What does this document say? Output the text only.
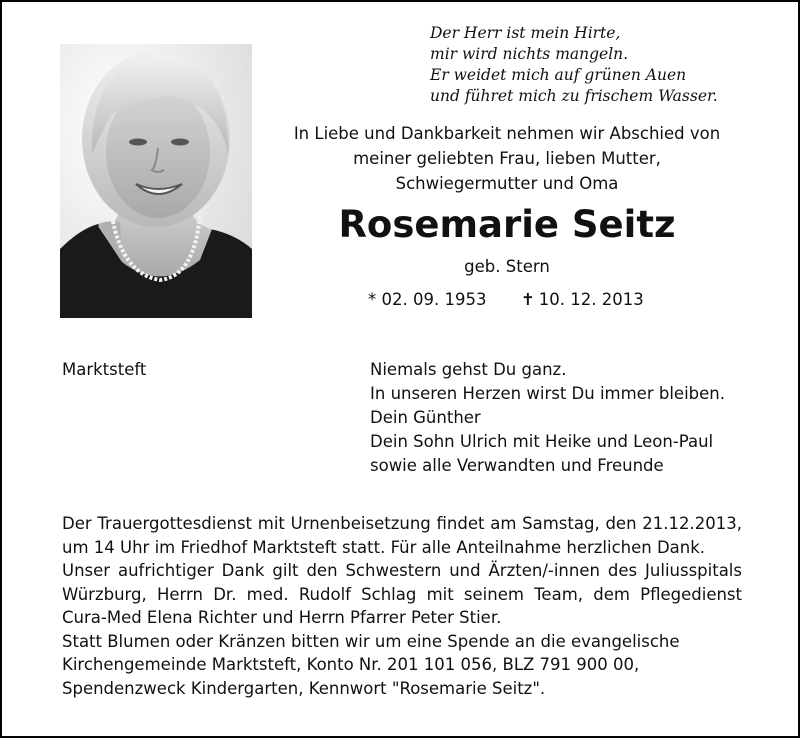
Der Herr ist mein Hirte,
mir wird nichts mangeln.
Er weidet mich auf grünen Auen
und führet mich zu frischem Wasser.
In Liebe und Dankbarkeit nehmen wir Abschied von
meiner geliebten Frau, lieben Mutter,
Schwiegermutter und Oma
Rosemarie Seitz
geb. Stern
* 02. 09. 1953 ✝ 10. 12. 2013
Marktsteft	Niemals gehst Du ganz.
In unseren Herzen wirst Du immer bleiben.
Dein Günther
Dein Sohn Ulrich mit Heike und Leon-Paul
sowie alle Verwandten und Freunde

Der Trauergottesdienst mit Urnenbeisetzung findet am Samstag, den 21.12.2013, um 14 Uhr im Friedhof Marktsteft statt. Für alle Anteilnahme herzlichen Dank.

Unser aufrichtiger Dank gilt den Schwestern und Ärzten/-innen des Juliusspitals Würzburg, Herrn Dr. med. Rudolf Schlag mit seinem Team, dem Pflegedienst Cura-Med Elena Richter und Herrn Pfarrer Peter Stier.

Statt Blumen oder Kränzen bitten wir um eine Spende an die evangelische Kirchengemeinde Marktsteft, Konto Nr. 201 101 056, BLZ 791 900 00, Spendenzweck Kindergarten, Kennwort "Rosemarie Seitz".
